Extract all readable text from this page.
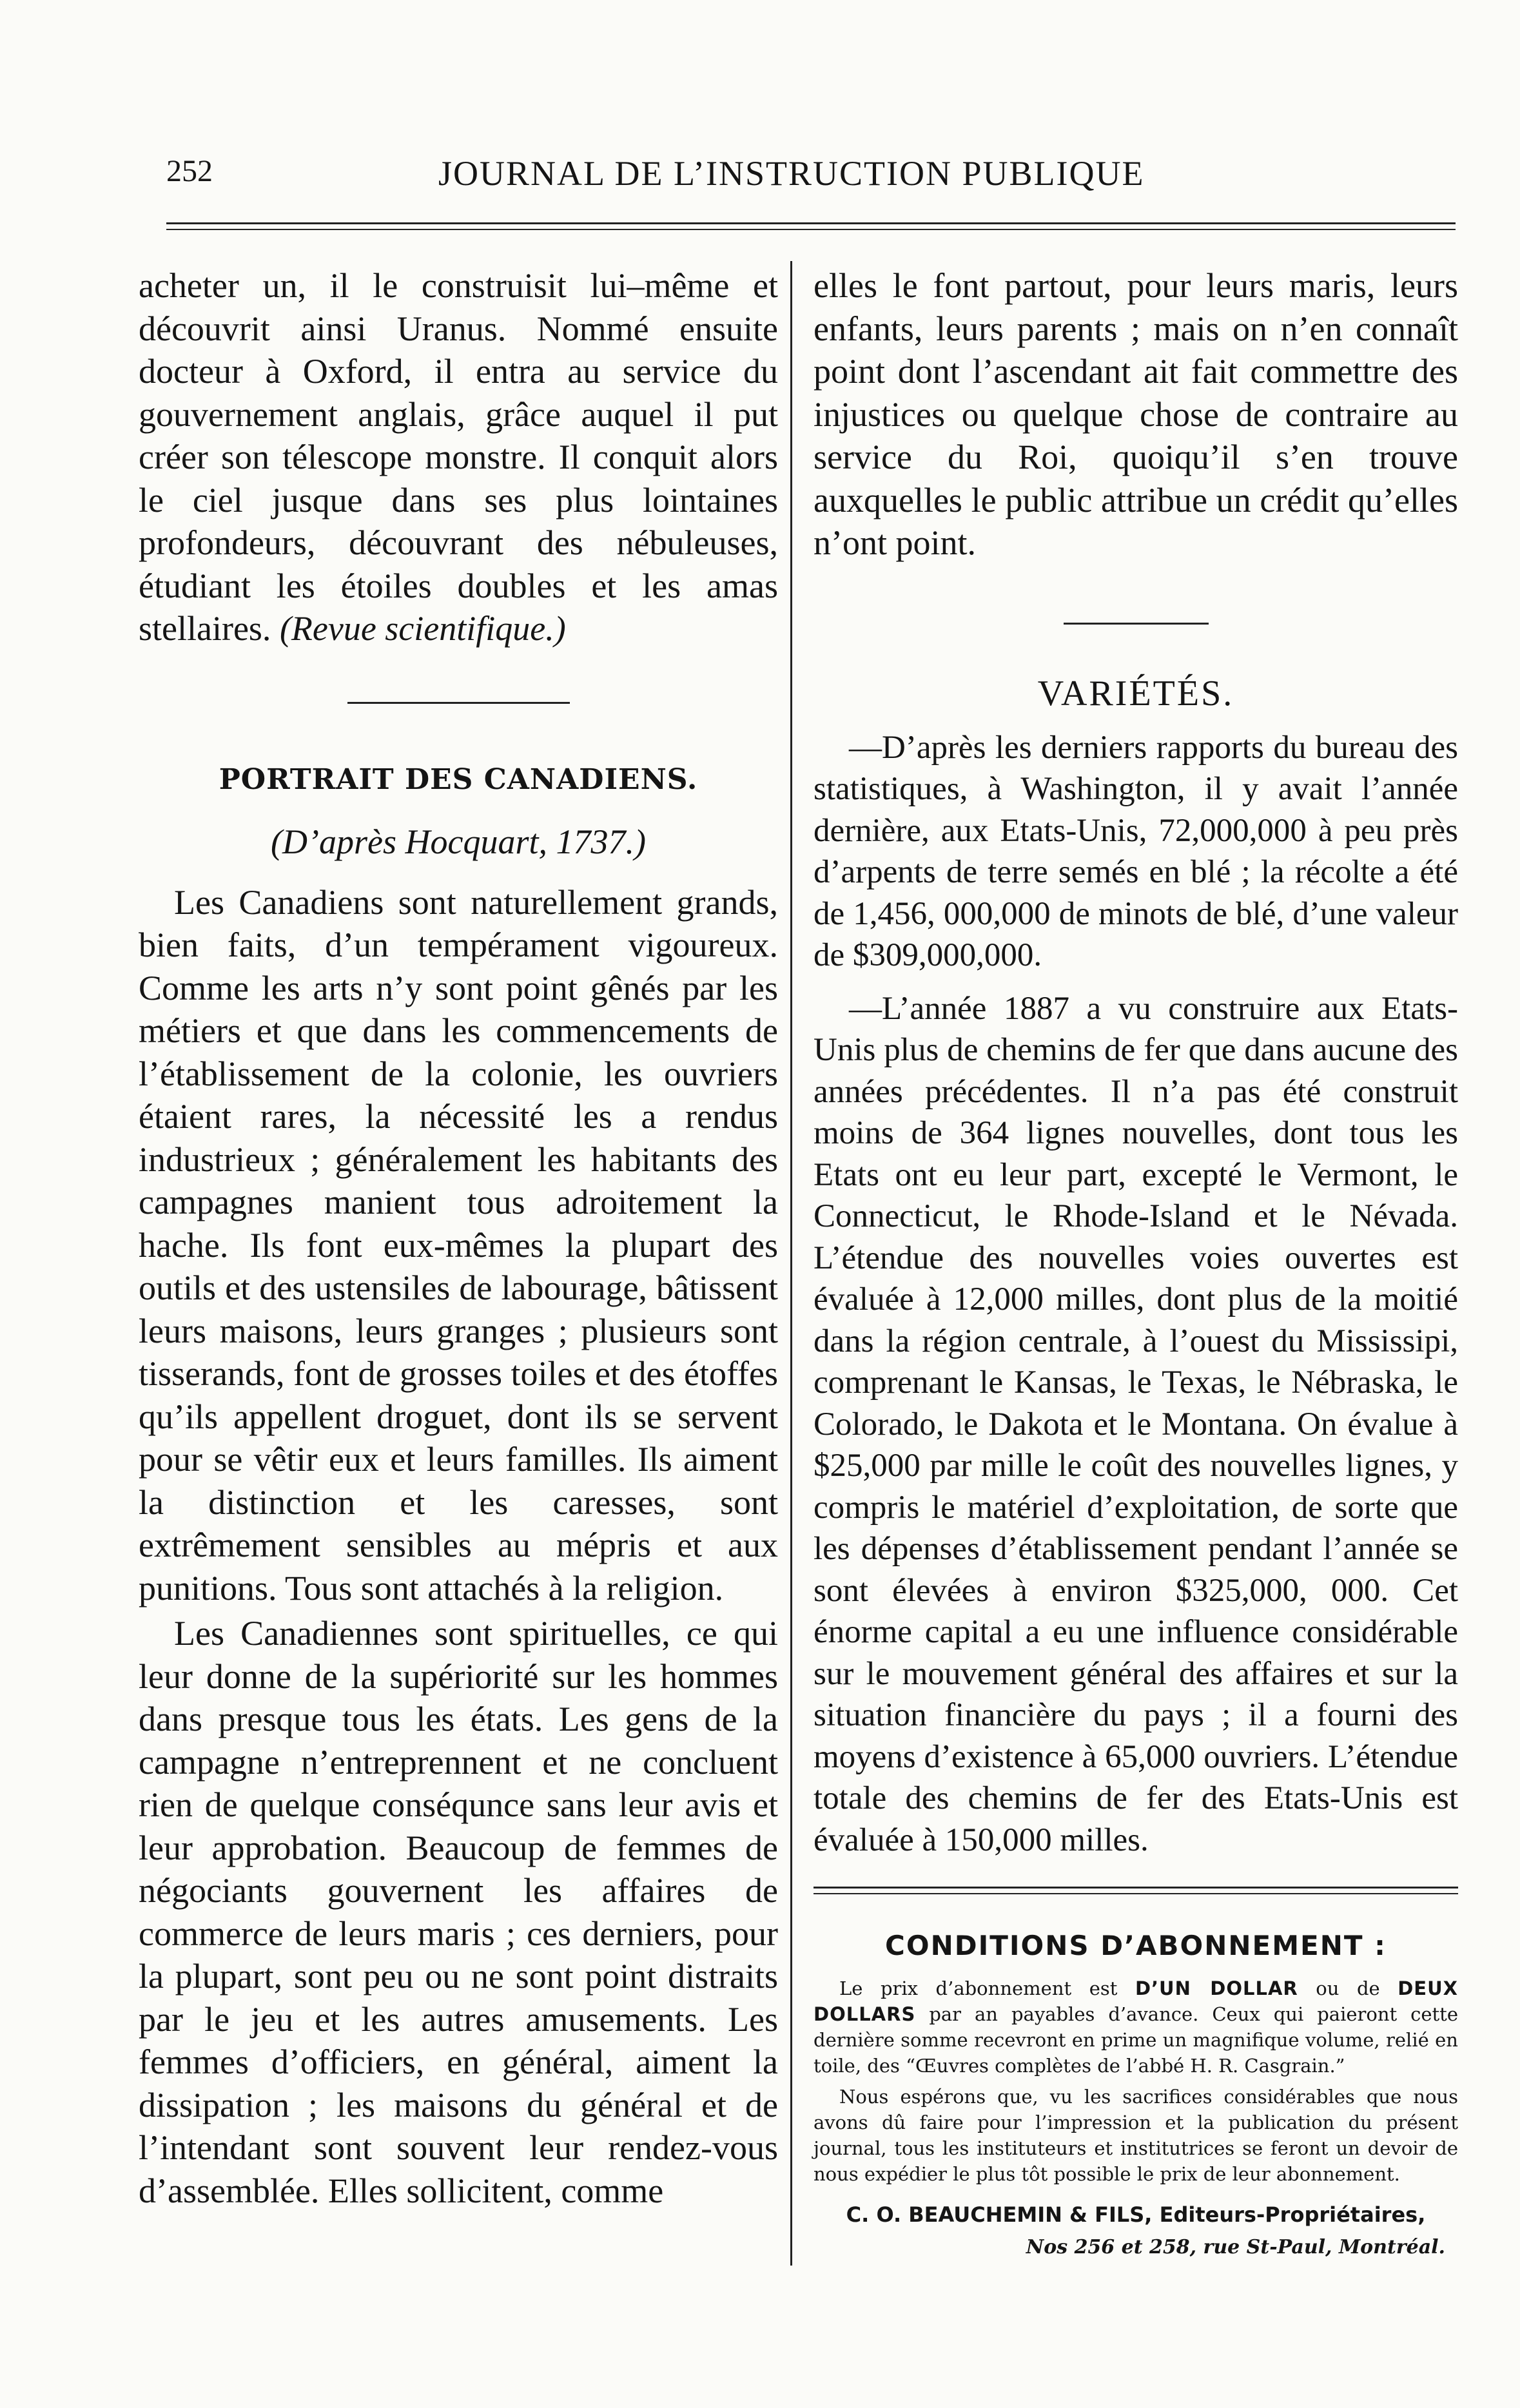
252	JOURNAL DE L’INSTRUCTION PUBLIQUE

acheter un, il le construisit lui–même et découvrit ainsi Uranus. Nommé ensuite docteur à Oxford, il entra au service du gouvernement anglais, grâce auquel il put créer son télescope monstre. Il conquit alors le ciel jusque dans ses plus lointaines profondeurs, découvrant des nébuleuses, étudiant les étoiles doubles et les amas stellaires. (Revue scientifique.)

PORTRAIT DES CANADIENS.
(D’après Hocquart, 1737.)

Les Canadiens sont naturellement grands, bien faits, d’un tempérament vigoureux. Comme les arts n’y sont point gênés par les métiers et que dans les commencements de l’établissement de la colonie, les ouvriers étaient rares, la nécessité les a rendus industrieux ; généralement les habitants des campagnes manient tous adroitement la hache. Ils font eux-mêmes la plupart des outils et des ustensiles de labourage, bâtissent leurs maisons, leurs granges ; plusieurs sont tisserands, font de grosses toiles et des étoffes qu’ils appellent droguet, dont ils se servent pour se vêtir eux et leurs familles. Ils aiment la distinction et les caresses, sont extrêmement sensibles au mépris et aux punitions. Tous sont attachés à la religion.

Les Canadiennes sont spirituelles, ce qui leur donne de la supériorité sur les hommes dans presque tous les états. Les gens de la campagne n’entreprennent et ne concluent rien de quelque conséqunce sans leur avis et leur approbation. Beaucoup de femmes de négociants gouvernent les affaires de commerce de leurs maris ; ces derniers, pour la plupart, sont peu ou ne sont point distraits par le jeu et les autres amusements. Les femmes d’officiers, en général, aiment la dissipation ; les maisons du général et de l’intendant sont souvent leur rendez-vous d’assemblée. Elles sollicitent, comme

elles le font partout, pour leurs maris, leurs enfants, leurs parents ; mais on n’en connaît point dont l’ascendant ait fait commettre des injustices ou quelque chose de contraire au service du Roi, quoiqu’il s’en trouve auxquelles le public attribue un crédit qu’elles n’ont point.

VARIÉTÉS.

—D’après les derniers rapports du bureau des statistiques, à Washington, il y avait l’année dernière, aux Etats-Unis, 72,000,000 à peu près d’arpents de terre semés en blé ; la récolte a été de 1,456, 000,000 de minots de blé, d’une valeur de $309,000,000.

—L’année 1887 a vu construire aux Etats-Unis plus de chemins de fer que dans aucune des années précédentes. Il n’a pas été construit moins de 364 lignes nouvelles, dont tous les Etats ont eu leur part, excepté le Vermont, le Connecticut, le Rhode-Island et le Névada. L’étendue des nouvelles voies ouvertes est évaluée à 12,000 milles, dont plus de la moitié dans la région centrale, à l’ouest du Mississipi, comprenant le Kansas, le Texas, le Nébraska, le Colorado, le Dakota et le Montana. On évalue à $25,000 par mille le coût des nouvelles lignes, y compris le matériel d’exploitation, de sorte que les dépenses d’établissement pendant l’année se sont élevées à environ $325,000, 000. Cet énorme capital a eu une influence considérable sur le mouvement général des affaires et sur la situation financière du pays ; il a fourni des moyens d’existence à 65,000 ouvriers. L’étendue totale des chemins de fer des Etats-Unis est évaluée à 150,000 milles.

CONDITIONS D’ABONNEMENT :
Le prix d’abonnement est D’UN DOLLAR ou de DEUX DOLLARS par an payables d’avance. Ceux qui paieront cette dernière somme recevront en prime un magnifique volume, relié en toile, des “Œuvres complètes de l’abbé H. R. Casgrain.”
Nous espérons que, vu les sacrifices considérables que nous avons dû faire pour l’impression et la publication du présent journal, tous les instituteurs et institutrices se feront un devoir de nous expédier le plus tôt possible le prix de leur abonnement.
C. O. BEAUCHEMIN & FILS, Editeurs-Propriétaires,
Nos 256 et 258, rue St-Paul, Montréal.
